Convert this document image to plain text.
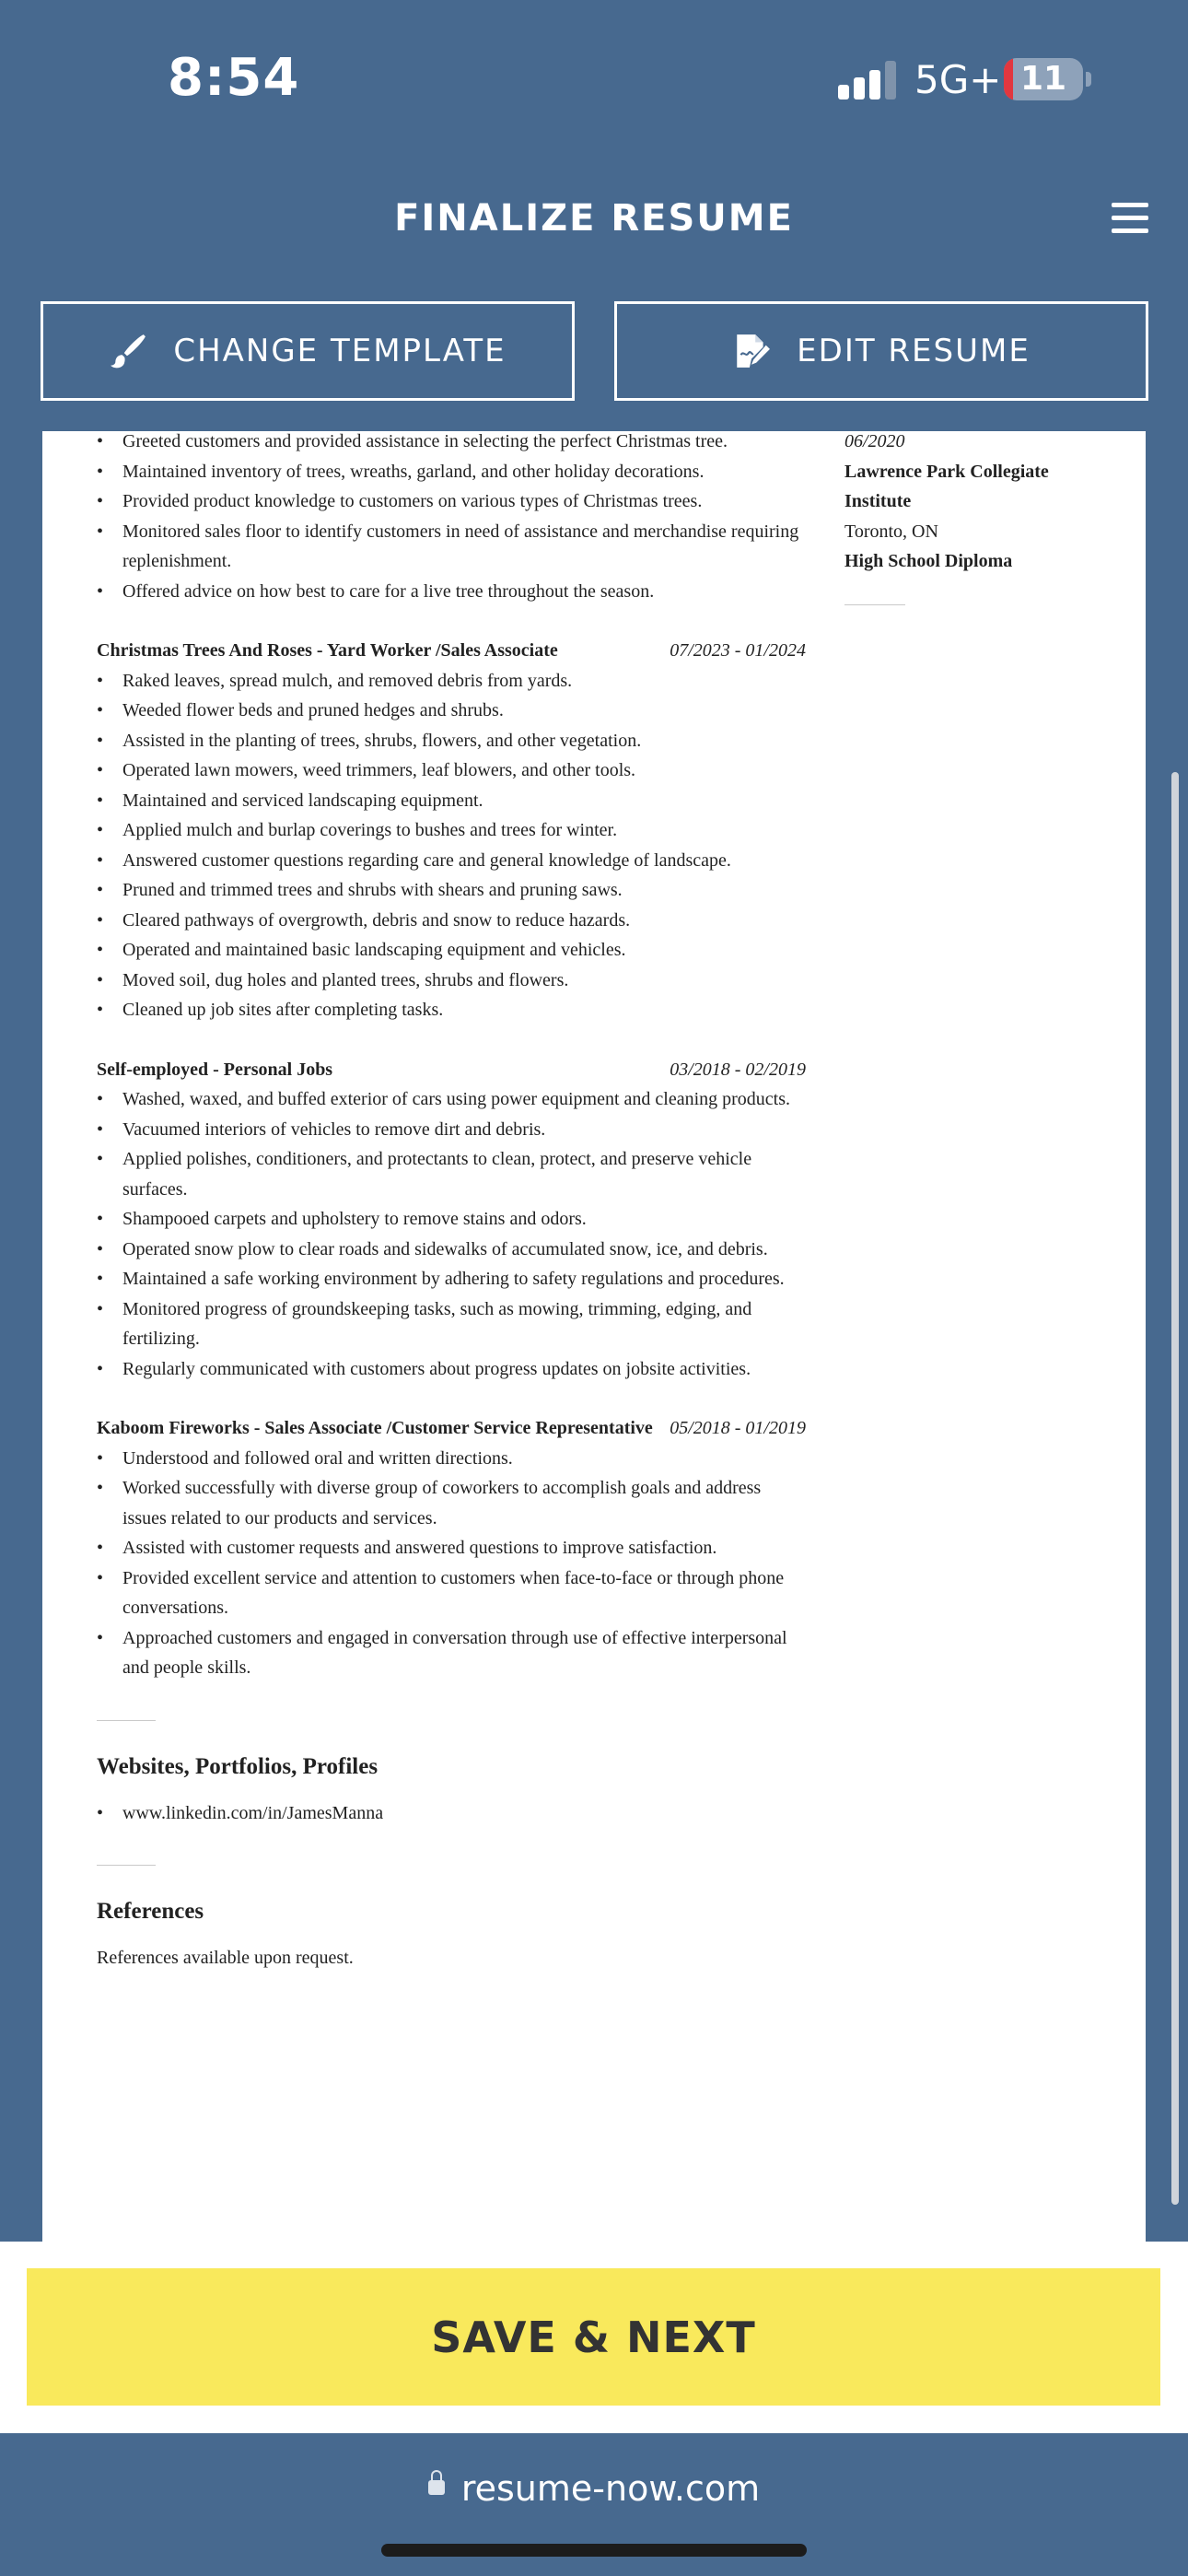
8:54	5G+ 11
FINALIZE RESUME
CHANGE TEMPLATE	EDIT RESUME
• Greeted customers and provided assistance in selecting the perfect Christmas tree.
• Maintained inventory of trees, wreaths, garland, and other holiday decorations.
• Provided product knowledge to customers on various types of Christmas trees.
• Monitored sales floor to identify customers in need of assistance and merchandise requiring replenishment.
• Offered advice on how best to care for a live tree throughout the season.
Christmas Trees And Roses - Yard Worker /Sales Associate	07/2023 - 01/2024
• Raked leaves, spread mulch, and removed debris from yards.
• Weeded flower beds and pruned hedges and shrubs.
• Assisted in the planting of trees, shrubs, flowers, and other vegetation.
• Operated lawn mowers, weed trimmers, leaf blowers, and other tools.
• Maintained and serviced landscaping equipment.
• Applied mulch and burlap coverings to bushes and trees for winter.
• Answered customer questions regarding care and general knowledge of landscape.
• Pruned and trimmed trees and shrubs with shears and pruning saws.
• Cleared pathways of overgrowth, debris and snow to reduce hazards.
• Operated and maintained basic landscaping equipment and vehicles.
• Moved soil, dug holes and planted trees, shrubs and flowers.
• Cleaned up job sites after completing tasks.
Self-employed - Personal Jobs	03/2018 - 02/2019
• Washed, waxed, and buffed exterior of cars using power equipment and cleaning products.
• Vacuumed interiors of vehicles to remove dirt and debris.
• Applied polishes, conditioners, and protectants to clean, protect, and preserve vehicle surfaces.
• Shampooed carpets and upholstery to remove stains and odors.
• Operated snow plow to clear roads and sidewalks of accumulated snow, ice, and debris.
• Maintained a safe working environment by adhering to safety regulations and procedures.
• Monitored progress of groundskeeping tasks, such as mowing, trimming, edging, and fertilizing.
• Regularly communicated with customers about progress updates on jobsite activities.
Kaboom Fireworks - Sales Associate /Customer Service Representative 05/2018 - 01/2019
• Understood and followed oral and written directions.
• Worked successfully with diverse group of coworkers to accomplish goals and address issues related to our products and services.
• Assisted with customer requests and answered questions to improve satisfaction.
• Provided excellent service and attention to customers when face-to-face or through phone conversations.
• Approached customers and engaged in conversation through use of effective interpersonal and people skills.
Websites, Portfolios, Profiles
• www.linkedin.com/in/JamesManna
References
References available upon request.
06/2020
Lawrence Park Collegiate Institute
Toronto, ON
High School Diploma
SAVE & NEXT
resume-now.com
